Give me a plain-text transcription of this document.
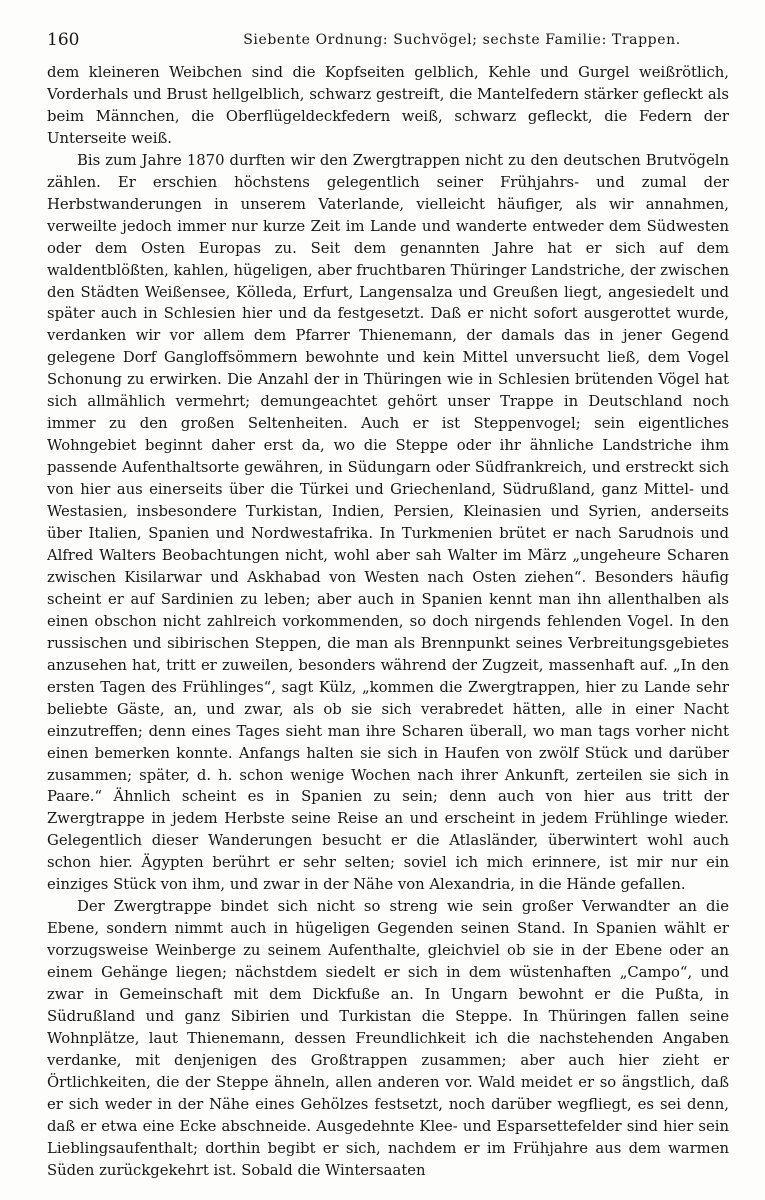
160	Siebente Ordnung: Suchvögel; sechste Familie: Trappen.

dem kleineren Weibchen sind die Kopfseiten gelblich, Kehle und Gurgel weißrötlich, Vorderhals und Brust hellgelblich, schwarz gestreift, die Mantelfedern stärker gefleckt als beim Männchen, die Oberflügeldeckfedern weiß, schwarz gefleckt, die Federn der Unterseite weiß.

Bis zum Jahre 1870 durften wir den Zwergtrappen nicht zu den deutschen Brutvögeln zählen. Er erschien höchstens gelegentlich seiner Frühjahrs- und zumal der Herbstwanderungen in unserem Vaterlande, vielleicht häufiger, als wir annahmen, verweilte jedoch immer nur kurze Zeit im Lande und wanderte entweder dem Südwesten oder dem Osten Europas zu. Seit dem genannten Jahre hat er sich auf dem waldentblößten, kahlen, hügeligen, aber fruchtbaren Thüringer Landstriche, der zwischen den Städten Weißensee, Kölleda, Erfurt, Langensalza und Greußen liegt, angesiedelt und später auch in Schlesien hier und da festgesetzt. Daß er nicht sofort ausgerottet wurde, verdanken wir vor allem dem Pfarrer Thienemann, der damals das in jener Gegend gelegene Dorf Gangloffsömmern bewohnte und kein Mittel unversucht ließ, dem Vogel Schonung zu erwirken. Die Anzahl der in Thüringen wie in Schlesien brütenden Vögel hat sich allmählich vermehrt; demungeachtet gehört unser Trappe in Deutschland noch immer zu den großen Seltenheiten. Auch er ist Steppenvogel; sein eigentliches Wohngebiet beginnt daher erst da, wo die Steppe oder ihr ähnliche Landstriche ihm passende Aufenthaltsorte gewähren, in Südungarn oder Südfrankreich, und erstreckt sich von hier aus einerseits über die Türkei und Griechenland, Südrußland, ganz Mittel- und Westasien, insbesondere Turkistan, Indien, Persien, Kleinasien und Syrien, anderseits über Italien, Spanien und Nordwestafrika. In Turkmenien brütet er nach Sarudnois und Alfred Walters Beobachtungen nicht, wohl aber sah Walter im März „ungeheure Scharen zwischen Kisilarwar und Askhabad von Westen nach Osten ziehen“. Besonders häufig scheint er auf Sardinien zu leben; aber auch in Spanien kennt man ihn allenthalben als einen obschon nicht zahlreich vorkommenden, so doch nirgends fehlenden Vogel. In den russischen und sibirischen Steppen, die man als Brennpunkt seines Verbreitungsgebietes anzusehen hat, tritt er zuweilen, besonders während der Zugzeit, massenhaft auf. „In den ersten Tagen des Frühlinges“, sagt Külz, „kommen die Zwergtrappen, hier zu Lande sehr beliebte Gäste, an, und zwar, als ob sie sich verabredet hätten, alle in einer Nacht einzutreffen; denn eines Tages sieht man ihre Scharen überall, wo man tags vorher nicht einen bemerken konnte. Anfangs halten sie sich in Haufen von zwölf Stück und darüber zusammen; später, d. h. schon wenige Wochen nach ihrer Ankunft, zerteilen sie sich in Paare.“ Ähnlich scheint es in Spanien zu sein; denn auch von hier aus tritt der Zwergtrappe in jedem Herbste seine Reise an und erscheint in jedem Frühlinge wieder. Gelegentlich dieser Wanderungen besucht er die Atlasländer, überwintert wohl auch schon hier. Ägypten berührt er sehr selten; soviel ich mich erinnere, ist mir nur ein einziges Stück von ihm, und zwar in der Nähe von Alexandria, in die Hände gefallen.

Der Zwergtrappe bindet sich nicht so streng wie sein großer Verwandter an die Ebene, sondern nimmt auch in hügeligen Gegenden seinen Stand. In Spanien wählt er vorzugsweise Weinberge zu seinem Aufenthalte, gleichviel ob sie in der Ebene oder an einem Gehänge liegen; nächstdem siedelt er sich in dem wüstenhaften „Campo“, und zwar in Gemeinschaft mit dem Dickfuße an. In Ungarn bewohnt er die Pußta, in Südrußland und ganz Sibirien und Turkistan die Steppe. In Thüringen fallen seine Wohnplätze, laut Thienemann, dessen Freundlichkeit ich die nachstehenden Angaben verdanke, mit denjenigen des Großtrappen zusammen; aber auch hier zieht er Örtlichkeiten, die der Steppe ähneln, allen anderen vor. Wald meidet er so ängstlich, daß er sich weder in der Nähe eines Gehölzes festsetzt, noch darüber wegfliegt, es sei denn, daß er etwa eine Ecke abschneide. Ausgedehnte Klee- und Esparsettefelder sind hier sein Lieblingsaufenthalt; dorthin begibt er sich, nachdem er im Frühjahre aus dem warmen Süden zurückgekehrt ist. Sobald die Wintersaaten
